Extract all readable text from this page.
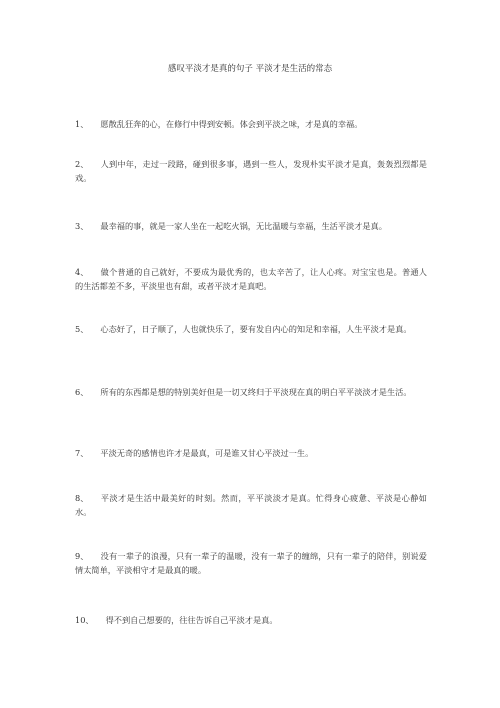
感叹平淡才是真的句子 平淡才是生活的常态
1、 愿散乱狂奔的心，在修行中得到安顿。体会到平淡之味，才是真的幸福。
2、 人到中年，走过一段路，碰到很多事，遇到一些人，发现朴实平淡才是真，轰轰烈烈都是戏。
3、 最幸福的事，就是一家人坐在一起吃火锅，无比温暖与幸福，生活平淡才是真。
4、 做个普通的自己就好，不要成为最优秀的，也太辛苦了，让人心疼。对宝宝也是。普通人的生活都差不多，平淡里也有甜，或者平淡才是真吧。
5、 心态好了，日子顺了，人也就快乐了，要有发自内心的知足和幸福，人生平淡才是真。
6、 所有的东西都是想的特别美好但是一切又终归于平淡现在真的明白平平淡淡才是生活。
7、 平淡无奇的感情也许才是最真，可是谁又甘心平淡过一生。
8、 平淡才是生活中最美好的时刻。然而，平平淡淡才是真。忙得身心疲惫、平淡是心静如水。
9、 没有一辈子的浪漫，只有一辈子的温暖，没有一辈子的缠绵，只有一辈子的陪伴，别说爱情太简单，平淡相守才是最真的暖。
10、 得不到自己想要的，往往告诉自己平淡才是真。
